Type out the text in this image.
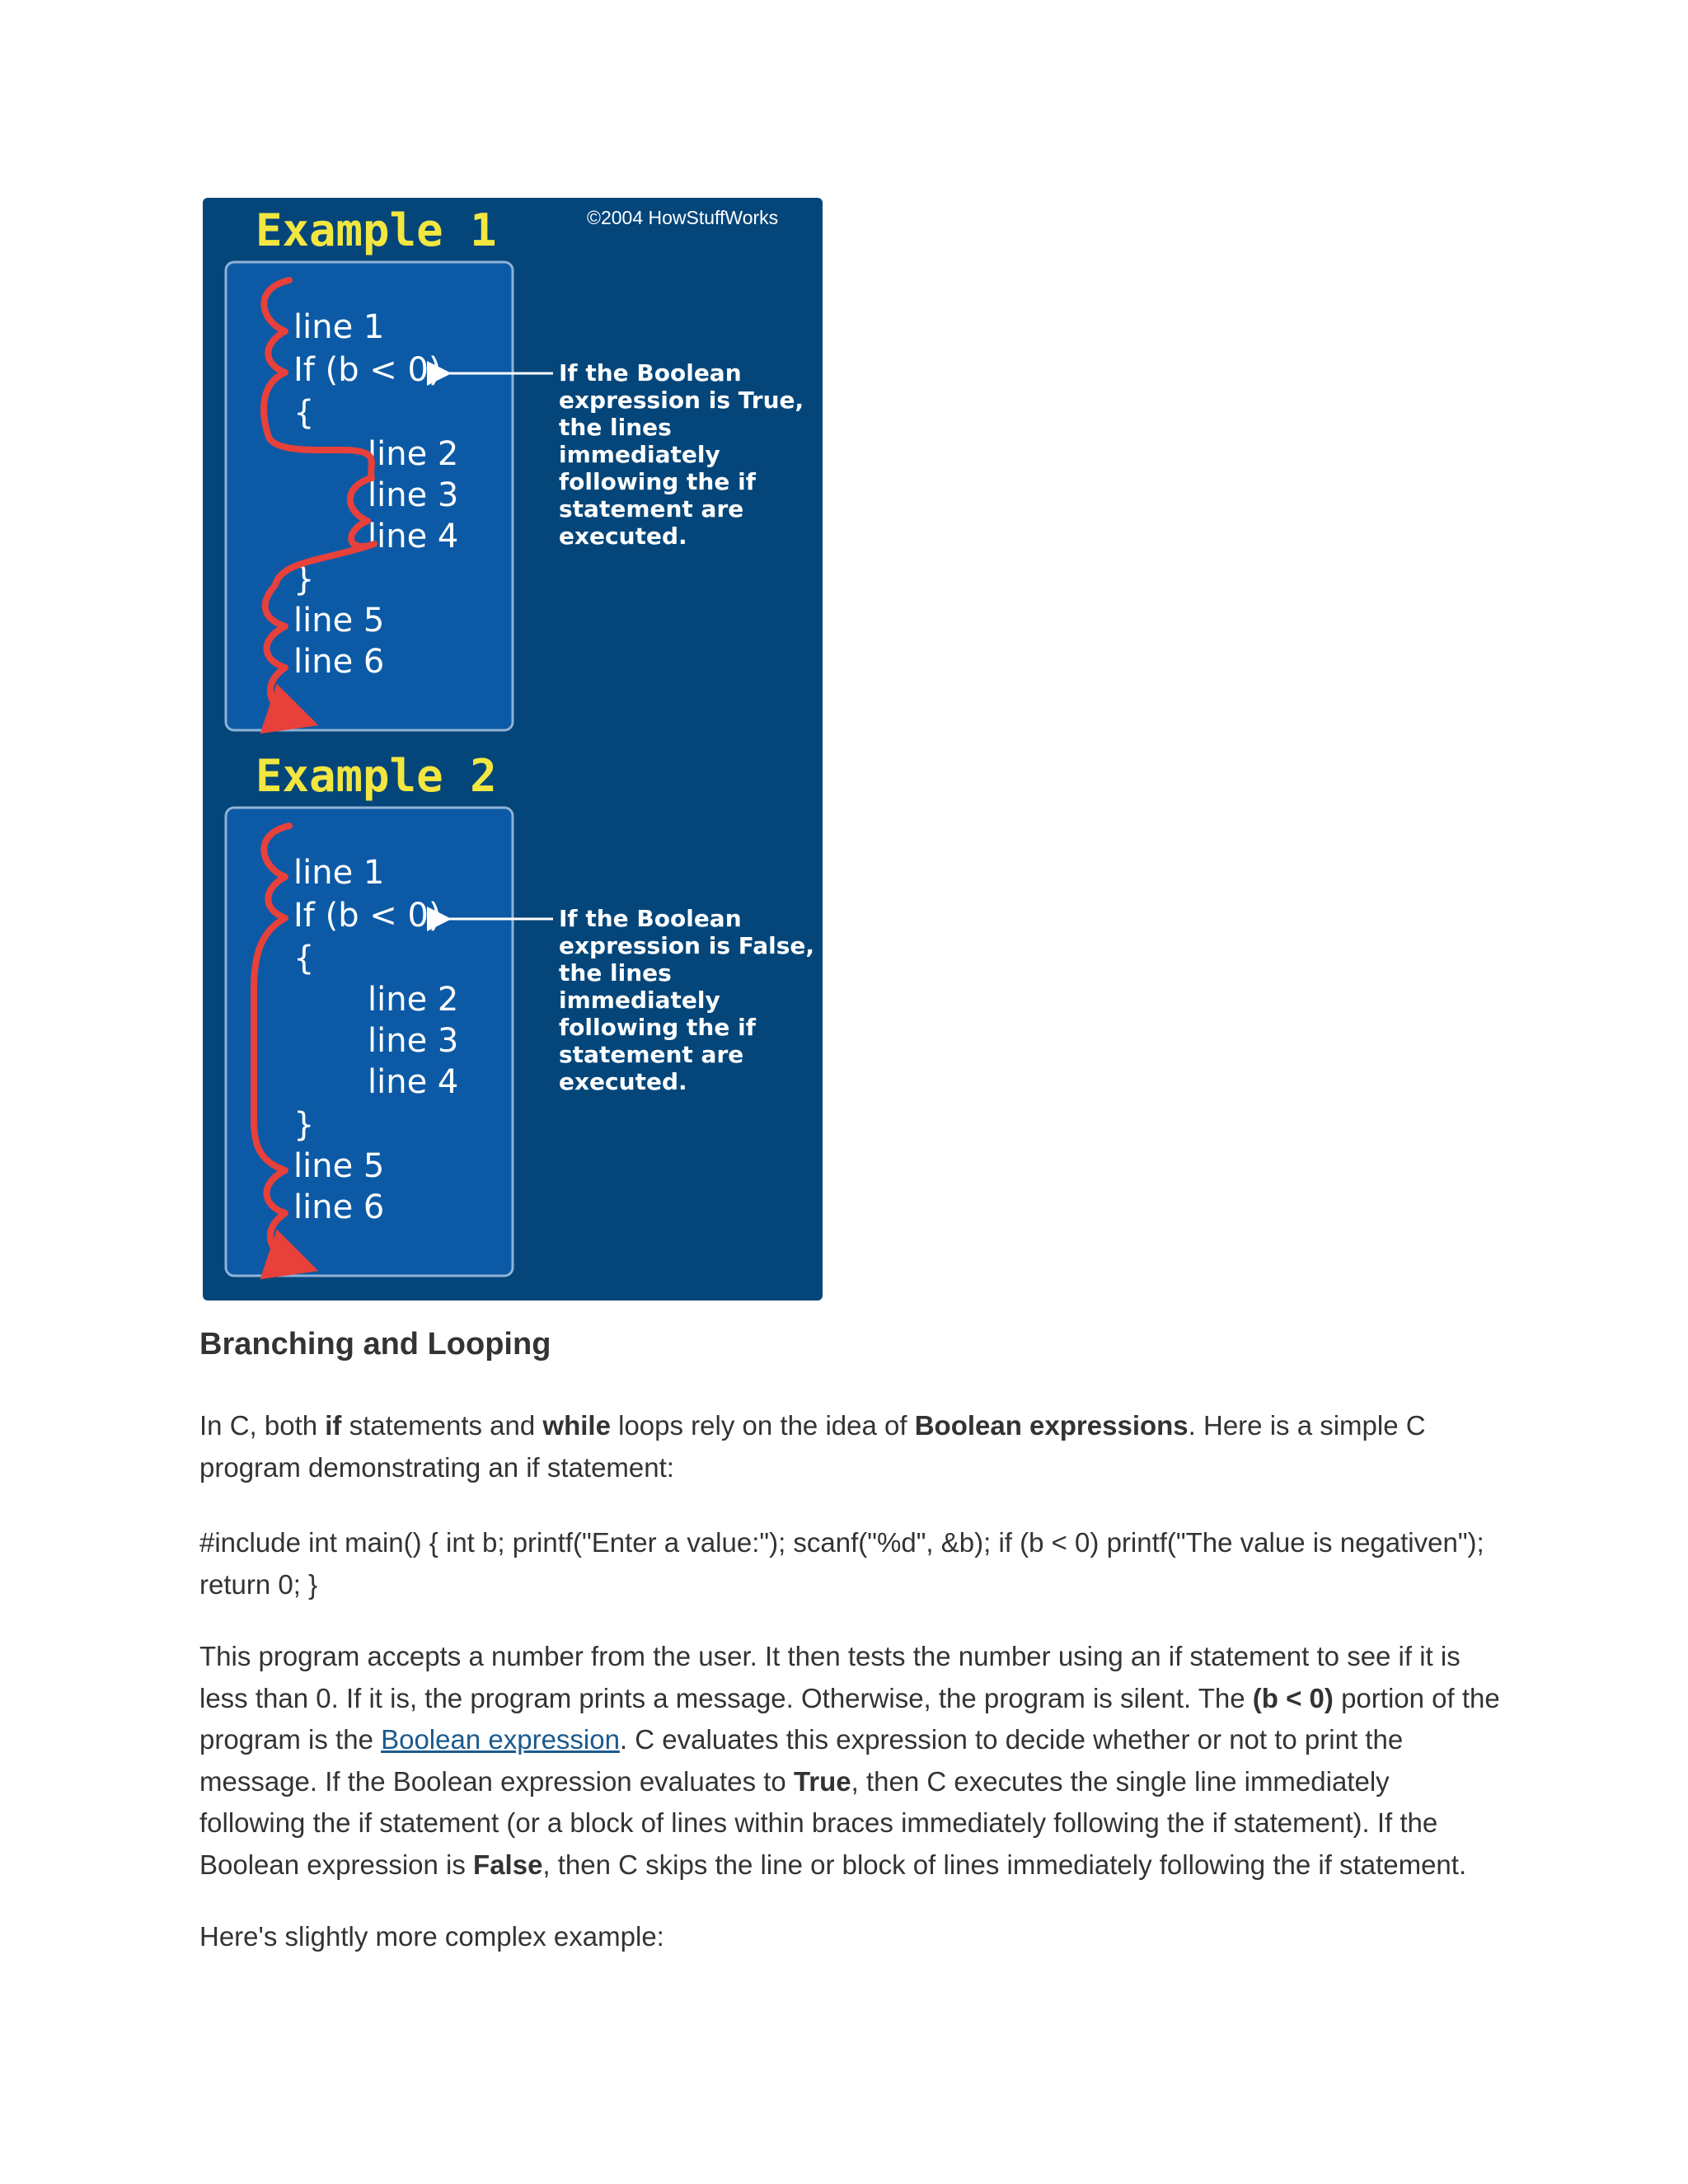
©2004 HowStuffWorks
Example 1
line 1
If (b < 0)
{
line 2
line 3
line 4
}
line 5
line 6
If the Boolean
expression is True,
the lines
immediately
following the if
statement are
executed.
Example 2
line 1
If (b < 0)
{
line 2
line 3
line 4
}
line 5
line 6
If the Boolean
expression is False,
the lines
immediately
following the if
statement are
executed.
Branching and Looping

In C, both if statements and while loops rely on the idea of Boolean expressions. Here is a simple C program demonstrating an if statement:

#include int main() { int b; printf("Enter a value:"); scanf("%d", &b); if (b < 0) printf("The value is negativen"); return 0; }

This program accepts a number from the user. It then tests the number using an if statement to see if it is less than 0. If it is, the program prints a message. Otherwise, the program is silent. The (b < 0) portion of the program is the Boolean expression. C evaluates this expression to decide whether or not to print the message. If the Boolean expression evaluates to True, then C executes the single line immediately following the if statement (or a block of lines within braces immediately following the if statement). If the Boolean expression is False, then C skips the line or block of lines immediately following the if statement.

Here's slightly more complex example:
